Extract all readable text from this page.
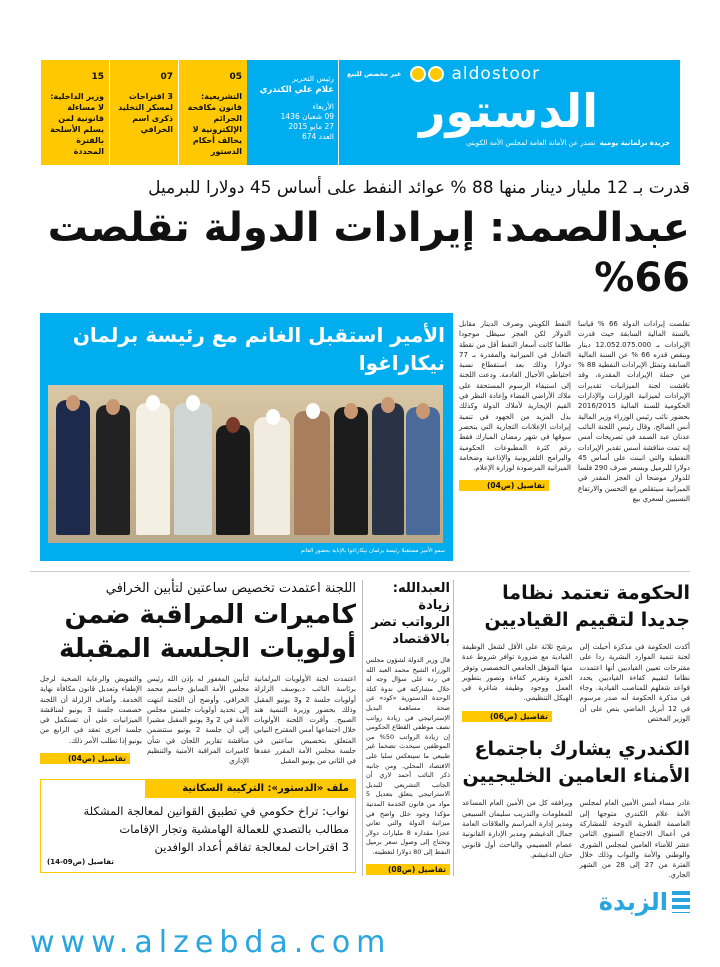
15
وزير الداخلية: لا مساءلة قانونية لمن يسلم الأسلحة بالفترة المحددة
07
3 اقتراحات لمسكر التخليد ذكرى اسم الخرافي
05
التشريعية: قانون مكافحة الجرائم الإلكترونية لا يخالف أحكام الدستور
رئيس التحرير
علام علي الكندري
الأربعاء
09 شعبان 1436
27 مايو 2015
العدد 674
غير مخصص للبيع	aldostoor
الدستور
جريدة برلمانية يومية  تصدر عن الأمانة العامة لمجلس الأمة الكويتي
قدرت بـ 12 مليار دينار منها 88 % عوائد النفط على أساس 45 دولارا للبرميل
عبدالصمد: إيرادات الدولة تقلصت 66%
الأمير استقبل الغانم مع رئيسة برلمان نيكاراغوا
سمو الأمير مستقبلا رئيسة برلمان نيكاراغوا بالإنابة بحضور الغانم
النفط الكويتي وصرف الدينار مقابل الدولار لكن العجز سيظل موجودا طالما كانت أسعار النفط أقل من نقطة التعادل في الميزانية والمقدرة بـ 77 دولارا وذلك بعد استقطاع نسبة احتياطي الأجيال القادمة. ودعت اللجنة إلى استيفاء الرسوم المستحقة على ملاك الأراضي الفضاء وإعادة النظر في القيم الإيجارية لأملاك الدولة وكذلك بذل المزيد من الجهود في تنمية إيرادات الإعلانات التجارية التي ينحصر سوقها في شهر رمضان المبارك فقط رغم كثرة المطبوعات الحكومية والبرامج التلفزيونية والإذاعية وضخامة الميزانية المرصودة لوزارة الإعلام.
تفاصيل (ص04)
تقلصت إيرادات الدولة 66 % قياسا بالسنة المالية السابقة حيث قدرت الإيرادات بـ 12.052.075.000 دينار وبنقص قدره 66 % عن السنة المالية السابقة وتمثل الإيرادات النفطية 88 % من جملة الإيرادات المقدرة، وقد ناقشت لجنة الميزانيات تقديرات الإيرادات لميزانية الوزارات والإدارات الحكومية للسنة المالية 2016/2015 بحضور نائب رئيس الوزراء وزير المالية أنس الصالح. وقال رئيس اللجنة النائب عدنان عبد الصمد في تصريحات أمس إنه تمت مناقشة أسس تقدير الإيرادات النفطية والتي انبنت على أساس 45 دولارا للبرميل وبسعر صرف 290 فلسا للدولار موضحا أن العجز المقدر في الميزانية سيتقلص مع التحسن والارتفاع النسبيين لسعري بيع
اللجنة اعتمدت تخصيص ساعتين لتأبين الخرافي
كاميرات المراقبة ضمن أولويات الجلسة المقبلة
والتفويض والرعاية الصحية لرجل الإطفاء وتعديل قانون مكافأة نهاية الخدمة. وأضاف الزلزلة أن اللجنة خصصت جلسة 3 يونيو لمناقشة الميزانيات على أن تستكمل في جلسة أخرى تعقد في الرابع من يونيو إذا تطلب الأمر ذلك.
تفاصيل (ص04)
لتأبين المغفور له بإذن الله رئيس مجلس الأمة السابق جاسم محمد الخرافي. وأوضح أن اللجنة انتهت إلى تحديد أولويات جلستي مجلس الأمة في 2 و3 يونيو المقبل مشيرا إلى أن جلسة 2 يونيو ستتضمن مناقشة تقارير اللجان في شأن كاميرات المراقبة الأمنية والتنظيم الإداري
اعتمدت لجنة الأولويات البرلمانية برئاسة النائب د.يوسف الزلزلة أولويات جلسة 2 و3 يونيو المقبل وذلك بحضور وزيرة التنمية هند الصبيح. وأقرت اللجنة الأولويات خلال اجتماعها أمس المقترح النيابي المتعلق بتخصيص ساعتين في جلسة مجلس الأمة المقرر عقدها في الثاني من يونيو المقبل
ملف «الدستور»: التركيبة السكانية
نواب: تراخ حكومي في تطبيق القوانين لمعالجة المشكلة
مطالب بالتصدي للعمالة الهامشية وتجار الإقامات
3 اقتراحات لمعالجة تفاقم أعداد الوافدين
تفاصيل (ص09-14)
العبدالله: زيادة الرواتب تضر بالاقتصاد
قال وزير الدولة لشؤون مجلس الوزراء الشيخ محمد العبد الله في رده على سؤال وجه له خلال مشاركته في ندوة كتلة الوحدة الدستورية «كود» عن صحة مساهمة البديل الإستراتيجي في زيادة رواتب نصف موظفي القطاع الحكومي إن زيادة الرواتب 50% من الموظفين سيحدث تضخما غير طبيعي ما سينعكس سلبا على الاقتصاد المحلي. ومن جانبه ذكر النائب أحمد لاري أن الجانب التشريعي للبديل الاستراتيجي يتعلق بتعديل 5 مواد من قانون الخدمة المدنية مؤكدا وجود خلل واضح في ميزانية الدولة والتي تعاني عجزا مقداره 8 مليارات دولار وتحتاج إلى وصول سعر برميل النفط إلى 80 دولارا لتغطيته.
تفاصيل (ص08)
الحكومة تعتمد نظاما جديدا لتقييم القياديين
يرشح ثلاثة على الأقل لشغل الوظيفة القيادية مع ضرورة توافر شروط عدة منها المؤهل الجامعي التخصصي وتوفر الخبرة وتقرير كفاءة وتصور بتطوير العمل ووجود وظيفة شاغرة في الهيكل التنظيمي.
تفاصيل (ص06)
أكدت الحكومة في مذكرة أحيلت إلى لجنة تنمية الموارد البشرية ردا على مقترحات تعيين القياديين أنها اعتمدت نظاما لتقييم كفاءة القياديين يحدد قواعد شغلهم للمناصب القيادية. وجاء في مذكرة الحكومة أنه صدر مرسوم في 12 أبريل الماضي ينص على أن الوزير المختص
الكندري يشارك باجتماع الأمناء العامين الخليجيين
ويرافقه كل من الأمين العام المساعد للمعلومات والتدريب سليمان السبيعي ومدير إدارة المراسم والعلاقات العامة جمال الدغيشم ومدير الإدارة القانونية عصام العصيمي والباحث أول قانوني حنان الدغيشم.
غادر مساء أمس الأمين العام لمجلس الأمة علام الكندري متوجها إلى العاصمة القطرية الدوحة للمشاركة في أعمال الاجتماع السنوي الثامن عشر للأمناء العامين لمجلس الشورى والوطني والأمة والنواب وذلك خلال الفترة من 27 إلى 28 من الشهر الجاري.
الزبدة
www.alzebda.com
